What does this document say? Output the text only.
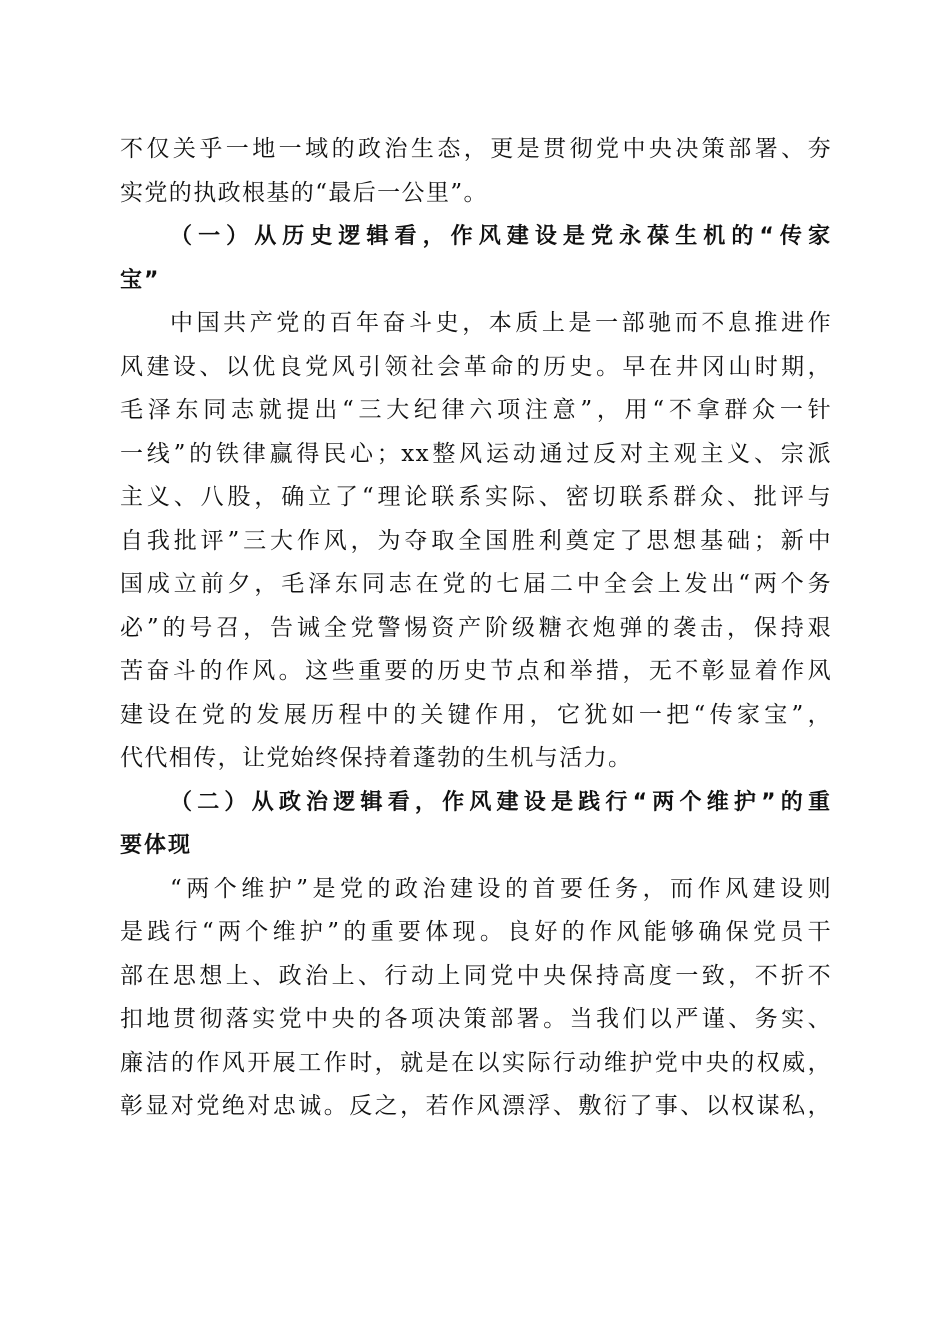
不仅关乎一地一域的政治生态，更是贯彻党中央决策部署、夯
实党的执政根基的“最后一公里”。
（一）从历史逻辑看，作风建设是党永葆生机的“传家
宝”
中国共产党的百年奋斗史，本质上是一部驰而不息推进作
风建设、以优良党风引领社会革命的历史。早在井冈山时期，
毛泽东同志就提出“三大纪律六项注意”，用“不拿群众一针
一线”的铁律赢得民心；xx整风运动通过反对主观主义、宗派
主义、八股，确立了“理论联系实际、密切联系群众、批评与
自我批评”三大作风，为夺取全国胜利奠定了思想基础；新中
国成立前夕，毛泽东同志在党的七届二中全会上发出“两个务
必”的号召，告诫全党警惕资产阶级糖衣炮弹的袭击，保持艰
苦奋斗的作风。这些重要的历史节点和举措，无不彰显着作风
建设在党的发展历程中的关键作用，它犹如一把“传家宝”，
代代相传，让党始终保持着蓬勃的生机与活力。
（二）从政治逻辑看，作风建设是践行“两个维护”的重
要体现
“两个维护”是党的政治建设的首要任务，而作风建设则
是践行“两个维护”的重要体现。良好的作风能够确保党员干
部在思想上、政治上、行动上同党中央保持高度一致，不折不
扣地贯彻落实党中央的各项决策部署。当我们以严谨、务实、
廉洁的作风开展工作时，就是在以实际行动维护党中央的权威，
彰显对党绝对忠诚。反之，若作风漂浮、敷衍了事、以权谋私，
